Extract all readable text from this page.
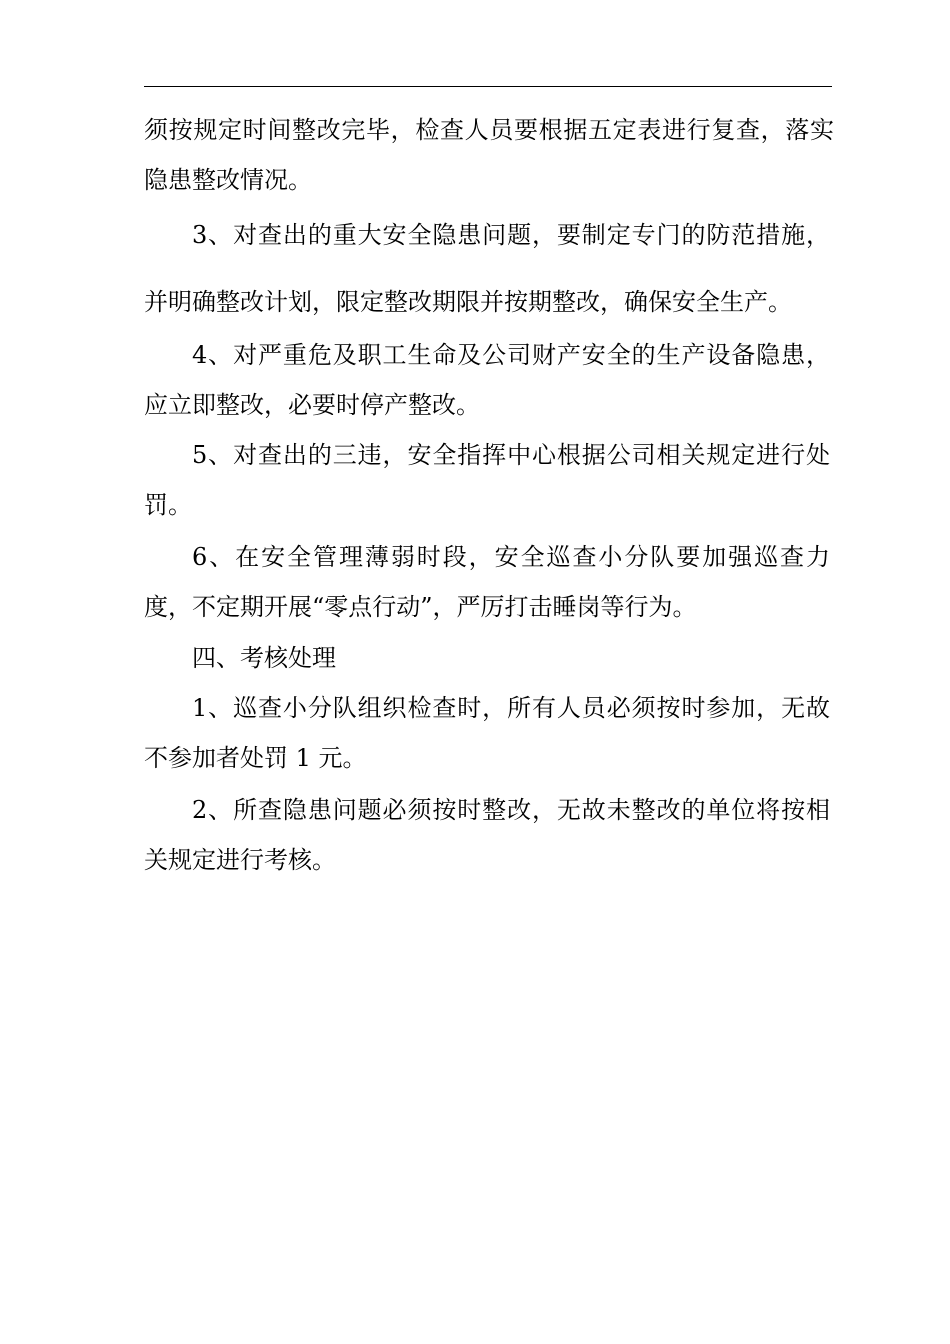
须按规定时间整改完毕，检查人员要根据五定表进行复查，落实
隐患整改情况。
3、对查出的重大安全隐患问题，要制定专门的防范措施，
并明确整改计划，限定整改期限并按期整改，确保安全生产。
4、对严重危及职工生命及公司财产安全的生产设备隐患，
应立即整改，必要时停产整改。
5、对查出的三违，安全指挥中心根据公司相关规定进行处
罚。
6、在安全管理薄弱时段，安全巡查小分队要加强巡查力
度，不定期开展“零点行动”，严厉打击睡岗等行为。
四、考核处理
1、巡查小分队组织检查时，所有人员必须按时参加，无故
不参加者处罚 1 元。
2、所查隐患问题必须按时整改，无故未整改的单位将按相
关规定进行考核。
